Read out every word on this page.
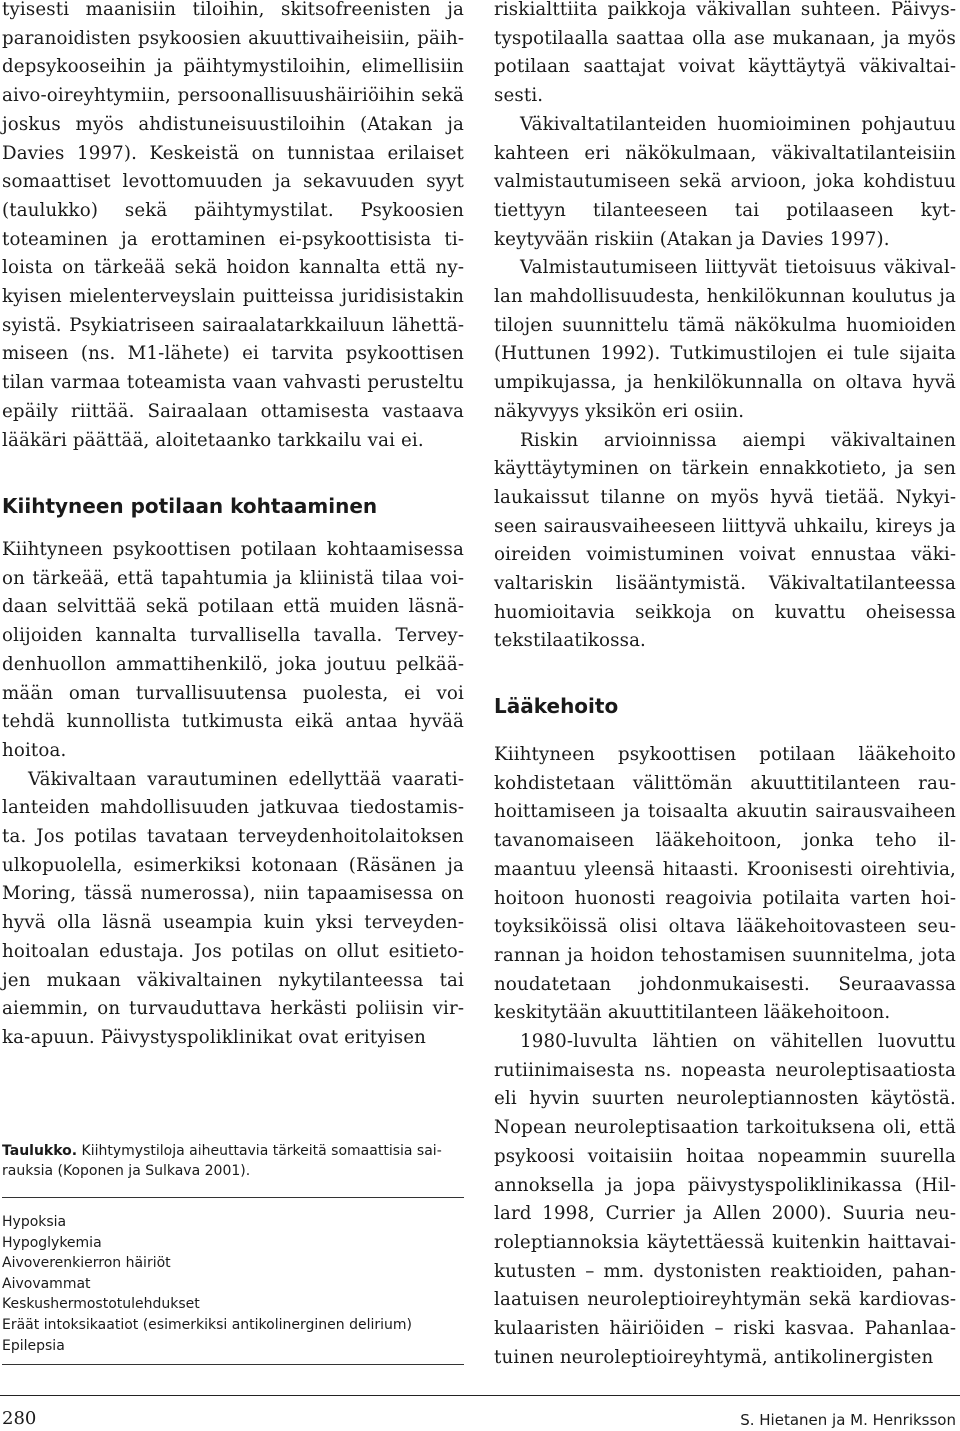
tyisesti maanisiin tiloihin, skitsofreenisten ja paranoidisten psykoosien akuuttivaiheisiin, päihdepsykooseihin ja päihtymystiloihin, elimellisiin aivo-oireyhtymiin, persoonallisuushäiriöihin sekä joskus myös ahdistuneisuustiloihin (Atakan ja Davies 1997). Keskeistä on tunnistaa erilaiset somaattiset levottomuuden ja sekavuuden syyt (taulukko) sekä päihtymystilat. Psykoosien toteaminen ja erottaminen ei-psykoottisista tiloista on tärkeää sekä hoidon kannalta että nykyisen mielenterveyslain puitteissa juridisistakin syistä. Psykiatriseen sairaalatarkkailuun lähettämiseen (ns. M1-lähete) ei tarvita psykoottisen tilan varmaa toteamista vaan vahvasti perusteltu epäily riittää. Sairaalaan ottamisesta vastaava lääkäri päättää, aloitetaanko tarkkailu vai ei.

Kiihtyneen potilaan kohtaaminen

Kiihtyneen psykoottisen potilaan kohtaamisessa on tärkeää, että tapahtumia ja kliinistä tilaa voidaan selvittää sekä potilaan että muiden läsnäolijoiden kannalta turvallisella tavalla. Terveydenhuollon ammattihenkilö, joka joutuu pelkäämään oman turvallisuutensa puolesta, ei voi tehdä kunnollista tutkimusta eikä antaa hyvää hoitoa.

Väkivaltaan varautuminen edellyttää vaaratilanteiden mahdollisuuden jatkuvaa tiedostamista. Jos potilas tavataan terveydenhoitolaitoksen ulkopuolella, esimerkiksi kotonaan (Räsänen ja Moring, tässä numerossa), niin tapaamisessa on hyvä olla läsnä useampia kuin yksi terveydenhoitoalan edustaja. Jos potilas on ollut esitietojen mukaan väkivaltainen nykytilanteessa tai aiemmin, on turvauduttava herkästi poliisin virka-apuun. Päivystyspoliklinikat ovat erityisen

Taulukko. Kiihtymystiloja aiheuttavia tärkeitä somaattisia sairauksia (Koponen ja Sulkava 2001).

Hypoksia
Hypoglykemia
Aivoverenkierron häiriöt
Aivovammat
Keskushermostotulehdukset
Eräät intoksikaatiot (esimerkiksi antikolinerginen delirium)
Epilepsia

riskialttiita paikkoja väkivallan suhteen. Päivystyspotilaalla saattaa olla ase mukanaan, ja myös potilaan saattajat voivat käyttäytyä väkivaltaisesti.

Väkivaltatilanteiden huomioiminen pohjautuu kahteen eri näkökulmaan, väkivaltatilanteisiin valmistautumiseen sekä arvioon, joka kohdistuu tiettyyn tilanteeseen tai potilaaseen kytkeytyvään riskiin (Atakan ja Davies 1997).

Valmistautumiseen liittyvät tietoisuus väkivallan mahdollisuudesta, henkilökunnan koulutus ja tilojen suunnittelu tämä näkökulma huomioiden (Huttunen 1992). Tutkimustilojen ei tule sijaita umpikujassa, ja henkilökunnalla on oltava hyvä näkyvyys yksikön eri osiin.

Riskin arvioinnissa aiempi väkivaltainen käyttäytyminen on tärkein ennakkotieto, ja sen laukaissut tilanne on myös hyvä tietää. Nykyiseen sairausvaiheeseen liittyvä uhkailu, kireys ja oireiden voimistuminen voivat ennustaa väkivaltariskin lisääntymistä. Väkivaltatilanteessa huomioitavia seikkoja on kuvattu oheisessa tekstilaatikossa.

Lääkehoito

Kiihtyneen psykoottisen potilaan lääkehoito kohdistetaan välittömän akuuttitilanteen rauhoittamiseen ja toisaalta akuutin sairausvaiheen tavanomaiseen lääkehoitoon, jonka teho ilmaantuu yleensä hitaasti. Kroonisesti oirehtivia, hoitoon huonosti reagoivia potilaita varten hoitoyksiköissä olisi oltava lääkehoitovasteen seurannan ja hoidon tehostamisen suunnitelma, jota noudatetaan johdonmukaisesti. Seuraavassa keskitytään akuuttitilanteen lääkehoitoon.

1980-luvulta lähtien on vähitellen luovuttu rutiinimaisesta ns. nopeasta neuroleptisaatiosta eli hyvin suurten neuroleptiannosten käytöstä. Nopean neuroleptisaation tarkoituksena oli, että psykoosi voitaisiin hoitaa nopeammin suurella annoksella ja jopa päivystyspoliklinikassa (Hillard 1998, Currier ja Allen 2000). Suuria neuroleptiannoksia käytettäessä kuitenkin haittavaikutusten – mm. dystonisten reaktioiden, pahanlaatuisen neuroleptioireyhtymän sekä kardiovaskulaaristen häiriöiden – riski kasvaa. Pahanlaatuinen neuroleptioireyhtymä, antikolinergisten

280	S. Hietanen ja M. Henriksson
